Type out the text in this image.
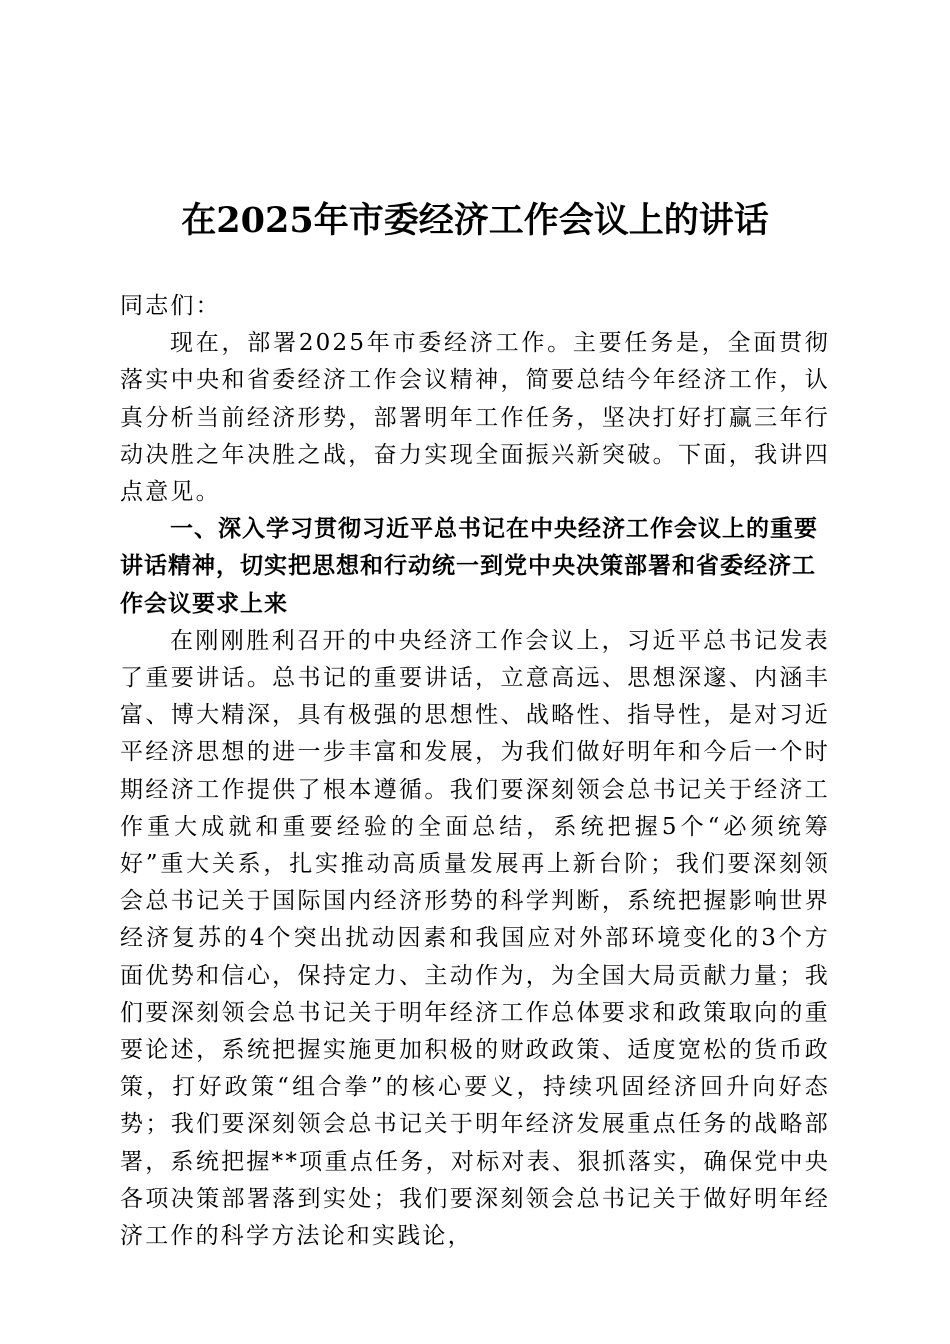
在2025年市委经济工作会议上的讲话

同志们：

现在，部署2025年市委经济工作。主要任务是，全面贯彻落实中央和省委经济工作会议精神，简要总结今年经济工作，认真分析当前经济形势，部署明年工作任务，坚决打好打赢三年行动决胜之年决胜之战，奋力实现全面振兴新突破。下面，我讲四点意见。

一、深入学习贯彻习近平总书记在中央经济工作会议上的重要讲话精神，切实把思想和行动统一到党中央决策部署和省委经济工作会议要求上来

在刚刚胜利召开的中央经济工作会议上，习近平总书记发表了重要讲话。总书记的重要讲话，立意高远、思想深邃、内涵丰富、博大精深，具有极强的思想性、战略性、指导性，是对习近平经济思想的进一步丰富和发展，为我们做好明年和今后一个时期经济工作提供了根本遵循。我们要深刻领会总书记关于经济工作重大成就和重要经验的全面总结，系统把握5个“必须统筹好”重大关系，扎实推动高质量发展再上新台阶；我们要深刻领会总书记关于国际国内经济形势的科学判断，系统把握影响世界经济复苏的4个突出扰动因素和我国应对外部环境变化的3个方面优势和信心，保持定力、主动作为，为全国大局贡献力量；我们要深刻领会总书记关于明年经济工作总体要求和政策取向的重要论述，系统把握实施更加积极的财政政策、适度宽松的货币政策，打好政策“组合拳”的核心要义，持续巩固经济回升向好态势；我们要深刻领会总书记关于明年经济发展重点任务的战略部署，系统把握**项重点任务，对标对表、狠抓落实，确保党中央各项决策部署落到实处；我们要深刻领会总书记关于做好明年经济工作的科学方法论和实践论，
